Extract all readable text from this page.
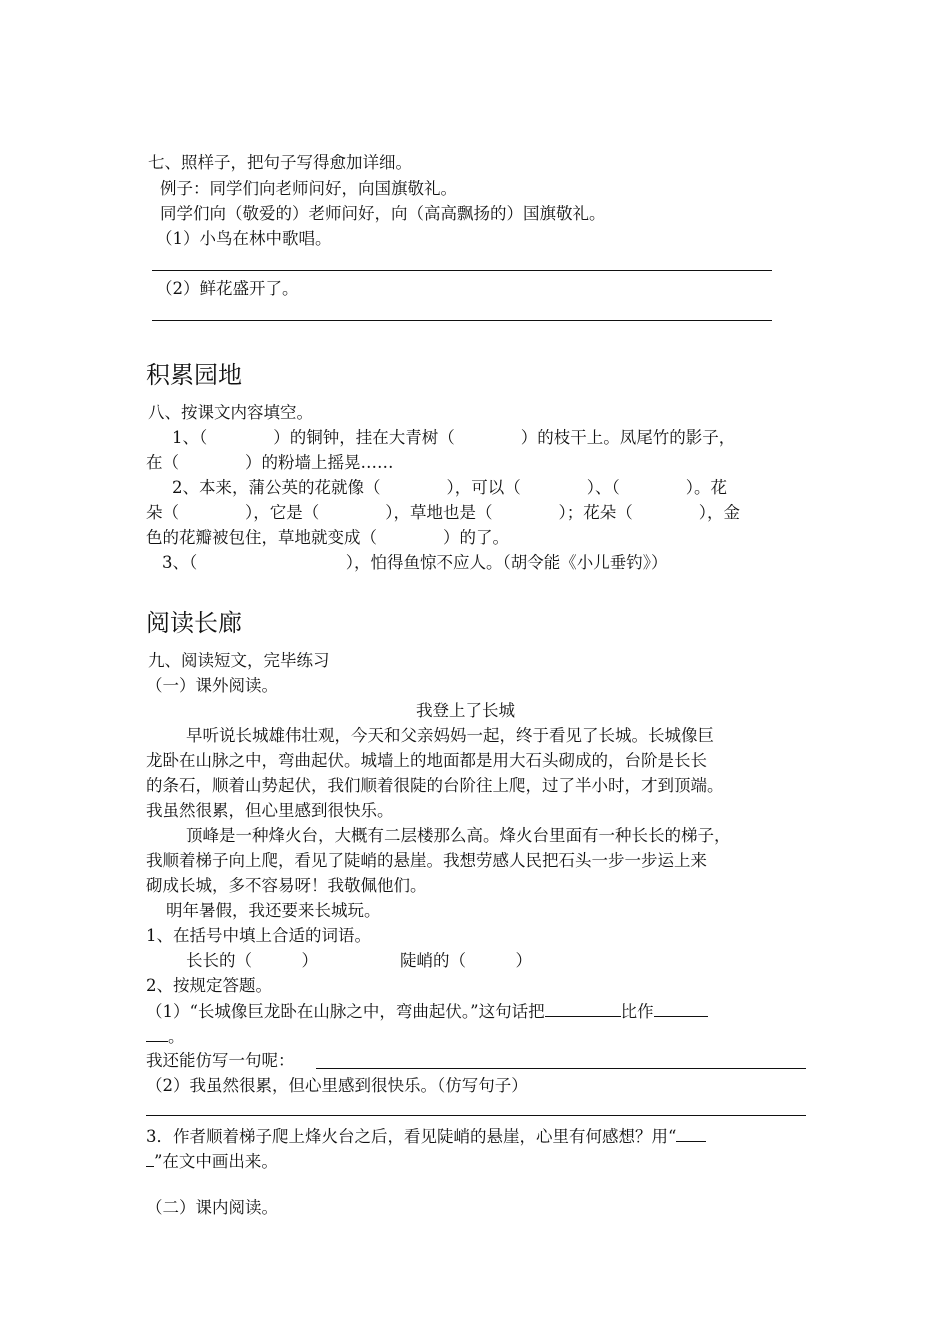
七、照样子，把句子写得愈加详细。
例子：同学们向老师问好，向国旗敬礼。
同学们向（敬爱的）老师问好，向（高高飘扬的）国旗敬礼。
（1）小鸟在林中歌唱。
（2）鲜花盛开了。
积累园地
八、按课文内容填空。
1、（　　　　）的铜钟，挂在大青树（　　　　）的枝干上。凤尾竹的影子，
在（　　　　）的粉墙上摇晃……
2、本来，蒲公英的花就像（　　　　），可以（　　　　）、（　　　　）。花
朵（　　　　），它是（　　　　），草地也是（　　　　）；花朵（　　　　），金
色的花瓣被包住，草地就变成（　　　　）的了。
3、（　　　　　　　　　），怕得鱼惊不应人。（胡令能《小儿垂钓》）
阅读长廊
九、阅读短文，完毕练习
（一）课外阅读。
我登上了长城
早听说长城雄伟壮观，今天和父亲妈妈一起，终于看见了长城。长城像巨
龙卧在山脉之中，弯曲起伏。城墙上的地面都是用大石头砌成的，台阶是长长
的条石，顺着山势起伏，我们顺着很陡的台阶往上爬，过了半小时，才到顶端。
我虽然很累，但心里感到很快乐。
顶峰是一种烽火台，大概有二层楼那么高。烽火台里面有一种长长的梯子，
我顺着梯子向上爬，看见了陡峭的悬崖。我想劳感人民把石头一步一步运上来
砌成长城，多不容易呀！我敬佩他们。
明年暑假，我还要来长城玩。
1、在括号中填上合适的词语。
长长的（　　　）	陡峭的（　　　）
2、按规定答题。
（1）“长城像巨龙卧在山脉之中，弯曲起伏。”这句话把	比作
。
我还能仿写一句呢：
（2）我虽然很累，但心里感到很快乐。（仿写句子）
3．作者顺着梯子爬上烽火台之后，看见陡峭的悬崖，心里有何感想？用“
”在文中画出来。
（二）课内阅读。
